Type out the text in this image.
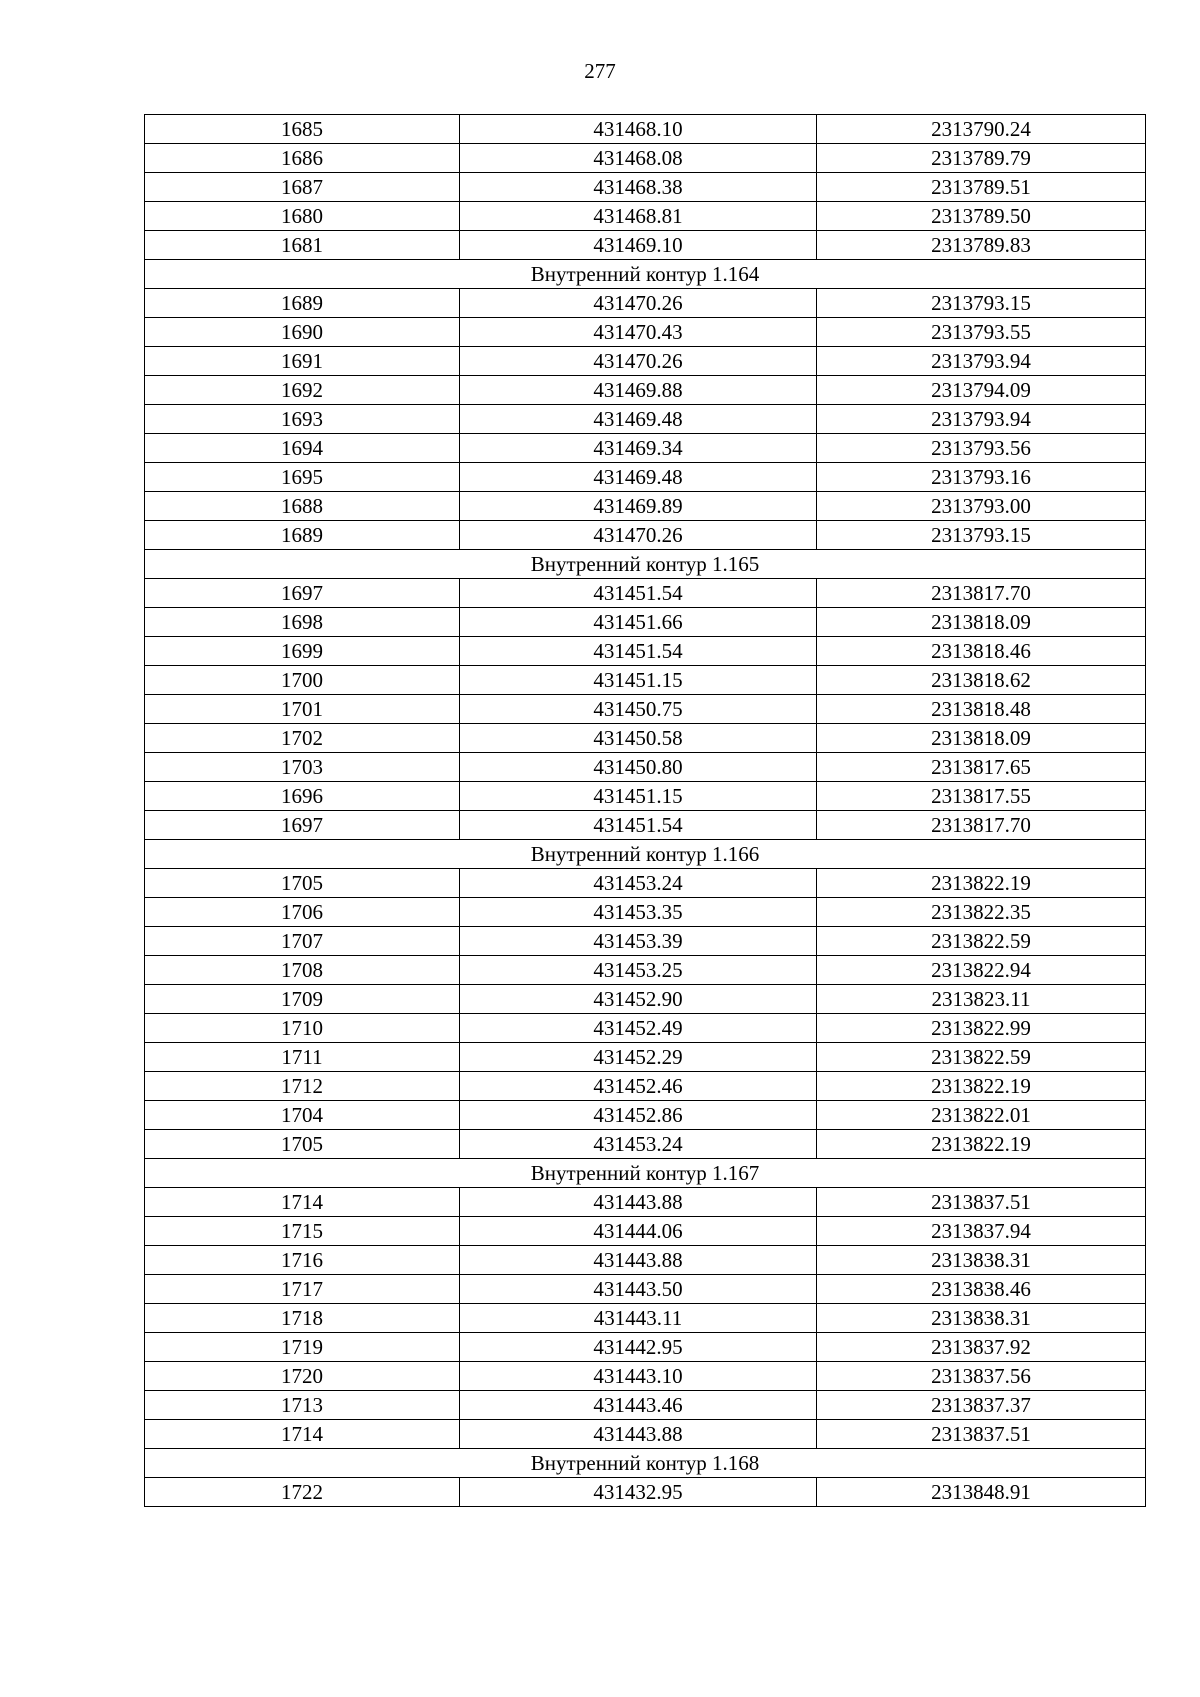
277
1685	431468.10	2313790.24
1686	431468.08	2313789.79
1687	431468.38	2313789.51
1680	431468.81	2313789.50
1681	431469.10	2313789.83
Внутренний контур 1.164		
1689	431470.26	2313793.15
1690	431470.43	2313793.55
1691	431470.26	2313793.94
1692	431469.88	2313794.09
1693	431469.48	2313793.94
1694	431469.34	2313793.56
1695	431469.48	2313793.16
1688	431469.89	2313793.00
1689	431470.26	2313793.15
Внутренний контур 1.165		
1697	431451.54	2313817.70
1698	431451.66	2313818.09
1699	431451.54	2313818.46
1700	431451.15	2313818.62
1701	431450.75	2313818.48
1702	431450.58	2313818.09
1703	431450.80	2313817.65
1696	431451.15	2313817.55
1697	431451.54	2313817.70
Внутренний контур 1.166		
1705	431453.24	2313822.19
1706	431453.35	2313822.35
1707	431453.39	2313822.59
1708	431453.25	2313822.94
1709	431452.90	2313823.11
1710	431452.49	2313822.99
1711	431452.29	2313822.59
1712	431452.46	2313822.19
1704	431452.86	2313822.01
1705	431453.24	2313822.19
Внутренний контур 1.167		
1714	431443.88	2313837.51
1715	431444.06	2313837.94
1716	431443.88	2313838.31
1717	431443.50	2313838.46
1718	431443.11	2313838.31
1719	431442.95	2313837.92
1720	431443.10	2313837.56
1713	431443.46	2313837.37
1714	431443.88	2313837.51
Внутренний контур 1.168		
1722	431432.95	2313848.91
